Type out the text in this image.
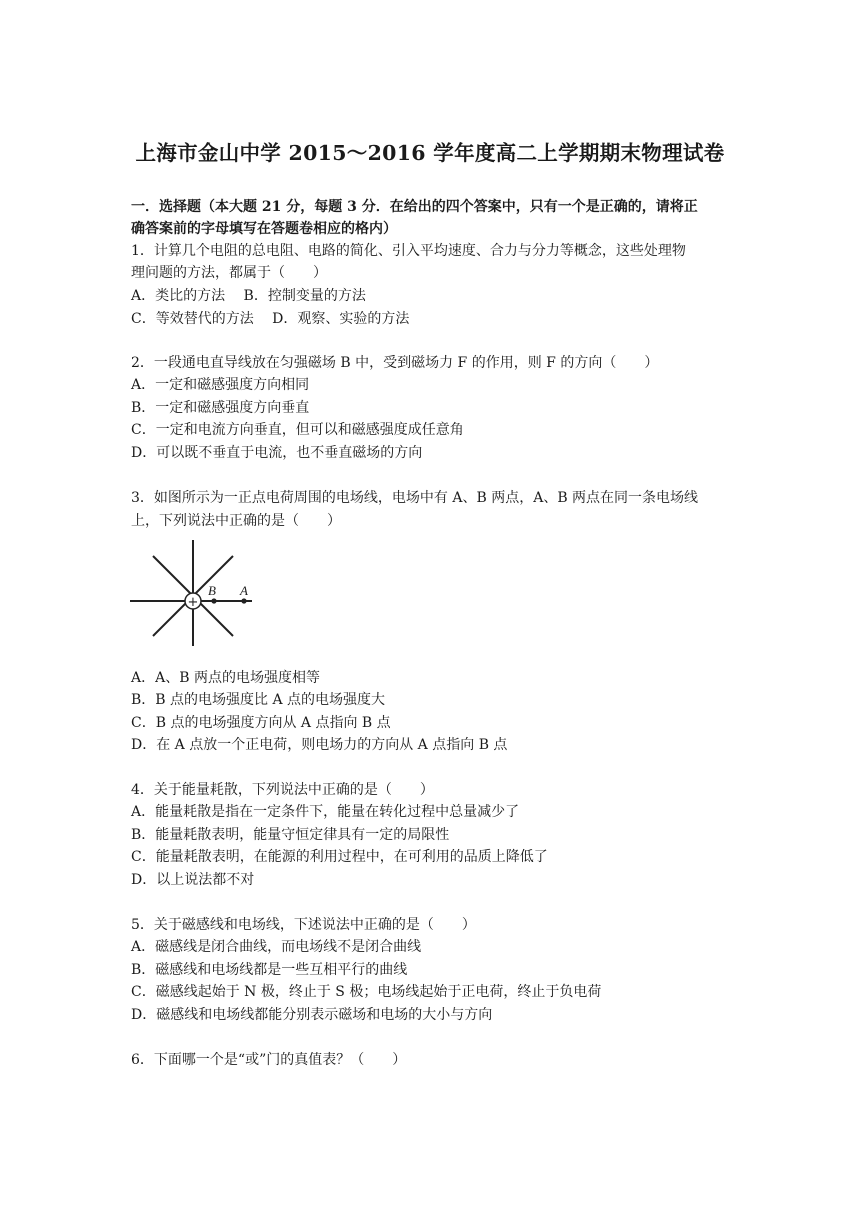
上海市金山中学 2015～2016 学年度高二上学期期末物理试卷
一．选择题（本大题 21 分，每题 3 分．在给出的四个答案中，只有一个是正确的，请将正
确答案前的字母填写在答题卷相应的格内）
1．计算几个电阻的总电阻、电路的简化、引入平均速度、合力与分力等概念，这些处理物
理问题的方法，都属于（　　）
A．类比的方法　 B．控制变量的方法
C．等效替代的方法　 D．观察、实验的方法
2．一段通电直导线放在匀强磁场 B 中，受到磁场力 F 的作用，则 F 的方向（　　）
A．一定和磁感强度方向相同
B．一定和磁感强度方向垂直
C．一定和电流方向垂直，但可以和磁感强度成任意角
D．可以既不垂直于电流，也不垂直磁场的方向
3．如图所示为一正点电荷周围的电场线，电场中有 A、B 两点，A、B 两点在同一条电场线
上，下列说法中正确的是（　　）
+
B A
A．A、B 两点的电场强度相等
B．B 点的电场强度比 A 点的电场强度大
C．B 点的电场强度方向从 A 点指向 B 点
D．在 A 点放一个正电荷，则电场力的方向从 A 点指向 B 点
4．关于能量耗散，下列说法中正确的是（　　）
A．能量耗散是指在一定条件下，能量在转化过程中总量减少了
B．能量耗散表明，能量守恒定律具有一定的局限性
C．能量耗散表明，在能源的利用过程中，在可利用的品质上降低了
D．以上说法都不对
5．关于磁感线和电场线，下述说法中正确的是（　　）
A．磁感线是闭合曲线，而电场线不是闭合曲线
B．磁感线和电场线都是一些互相平行的曲线
C．磁感线起始于 N 极，终止于 S 极；电场线起始于正电荷，终止于负电荷
D．磁感线和电场线都能分别表示磁场和电场的大小与方向
6．下面哪一个是“或”门的真值表？（　　）
